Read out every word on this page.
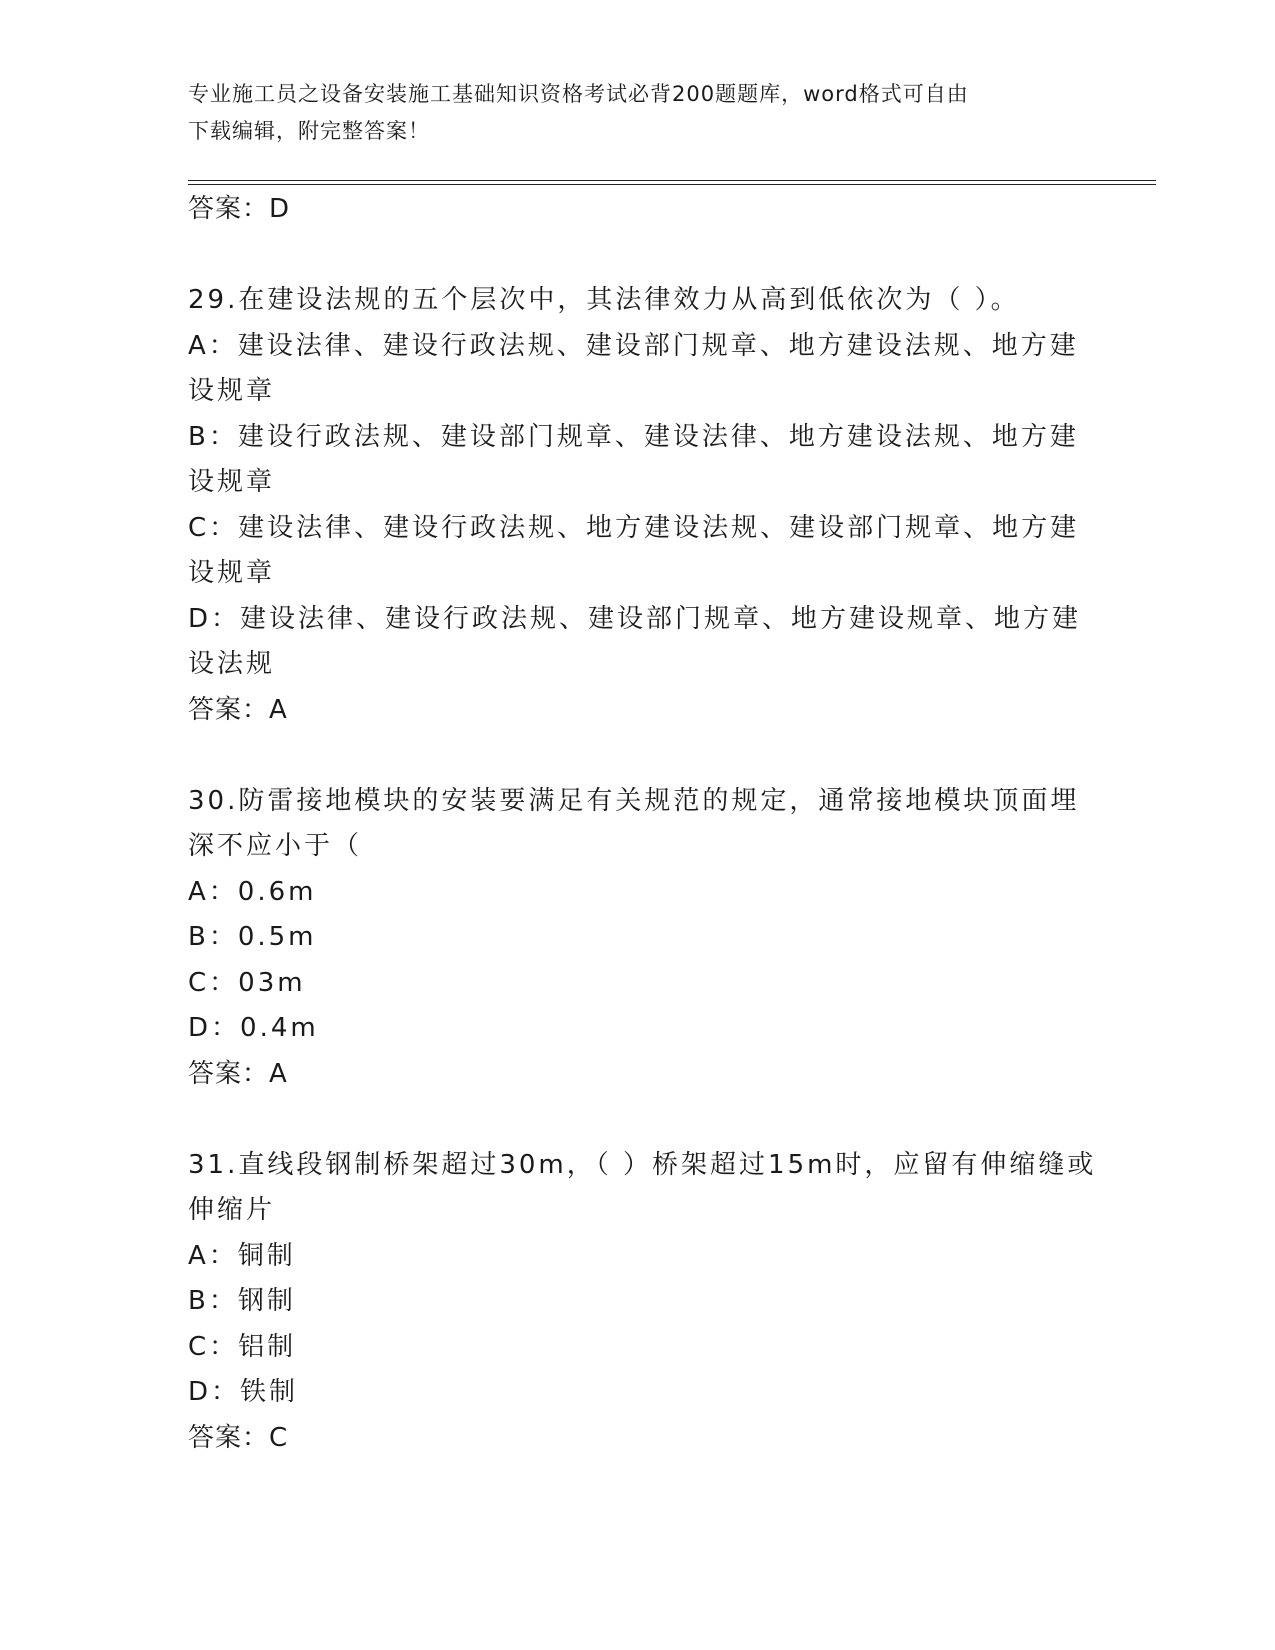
专业施工员之设备安装施工基础知识资格考试必背200题题库，word格式可自由
下载编辑，附完整答案！
答案：D
29.在建设法规的五个层次中，其法律效力从高到低依次为（ ）。
A：建设法律、建设行政法规、建设部门规章、地方建设法规、地方建
设规章
B：建设行政法规、建设部门规章、建设法律、地方建设法规、地方建
设规章
C：建设法律、建设行政法规、地方建设法规、建设部门规章、地方建
设规章
D：建设法律、建设行政法规、建设部门规章、地方建设规章、地方建
设法规
答案：A
30.防雷接地模块的安装要满足有关规范的规定，通常接地模块顶面埋
深不应小于（
A：0.6m
B：0.5m
C：03m
D：0.4m
答案：A
31.直线段钢制桥架超过30m，（ ）桥架超过15m时，应留有伸缩缝或
伸缩片
A：铜制
B：钢制
C：铝制
D：铁制
答案：C
